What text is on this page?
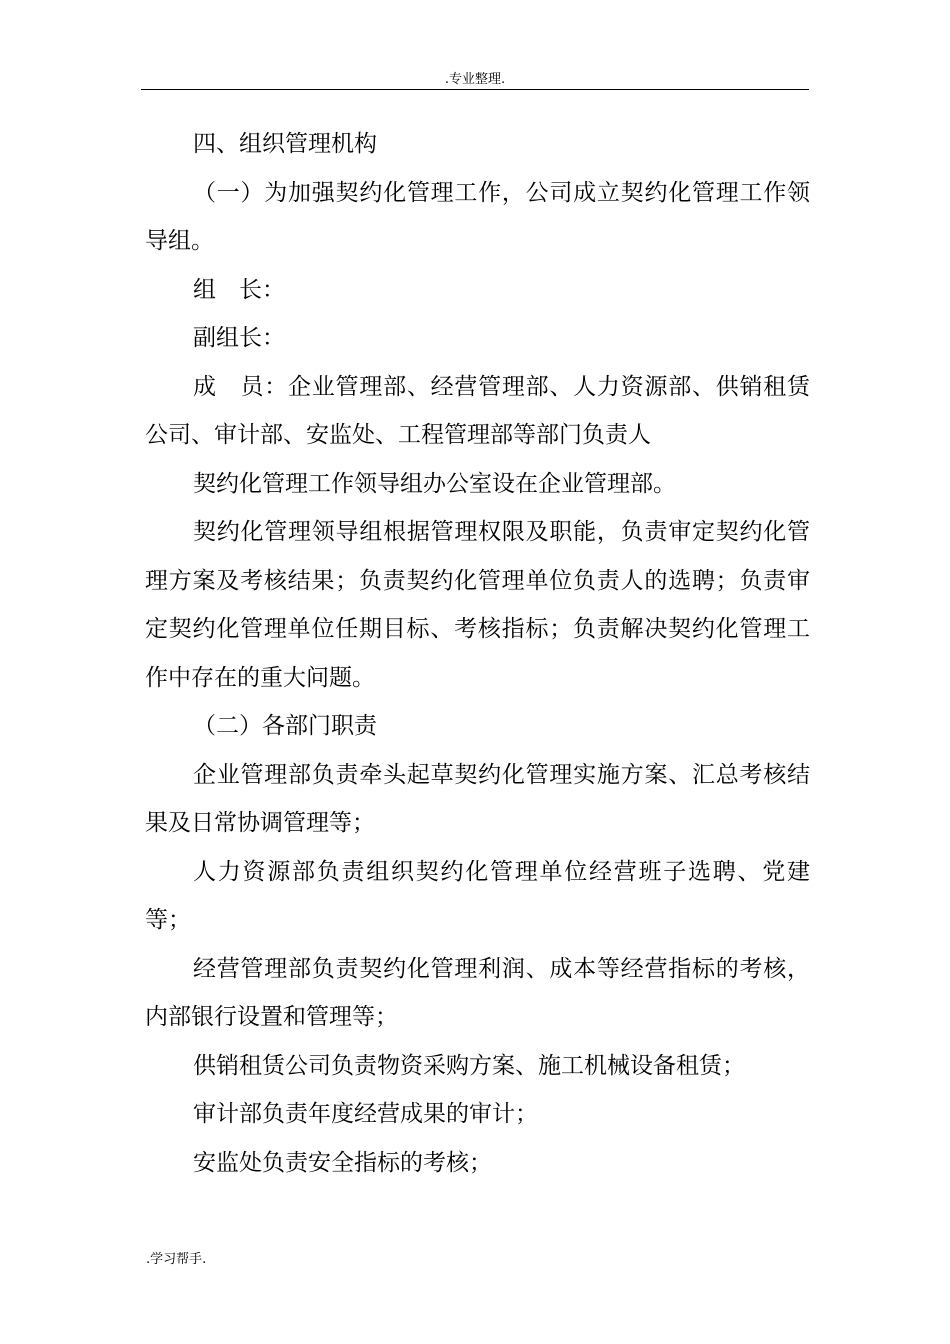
.专业整理.

四、组织管理机构

（一）为加强契约化管理工作，公司成立契约化管理工作领导组。

组　长：

副组长：

成　员：企业管理部、经营管理部、人力资源部、供销租赁公司、审计部、安监处、工程管理部等部门负责人

契约化管理工作领导组办公室设在企业管理部。

契约化管理领导组根据管理权限及职能，负责审定契约化管理方案及考核结果；负责契约化管理单位负责人的选聘；负责审定契约化管理单位任期目标、考核指标；负责解决契约化管理工作中存在的重大问题。

（二）各部门职责

企业管理部负责牵头起草契约化管理实施方案、汇总考核结果及日常协调管理等；

人力资源部负责组织契约化管理单位经营班子选聘、党建等；

经营管理部负责契约化管理利润、成本等经营指标的考核，内部银行设置和管理等；

供销租赁公司负责物资采购方案、施工机械设备租赁；

审计部负责年度经营成果的审计；

安监处负责安全指标的考核；

.学习帮手.
